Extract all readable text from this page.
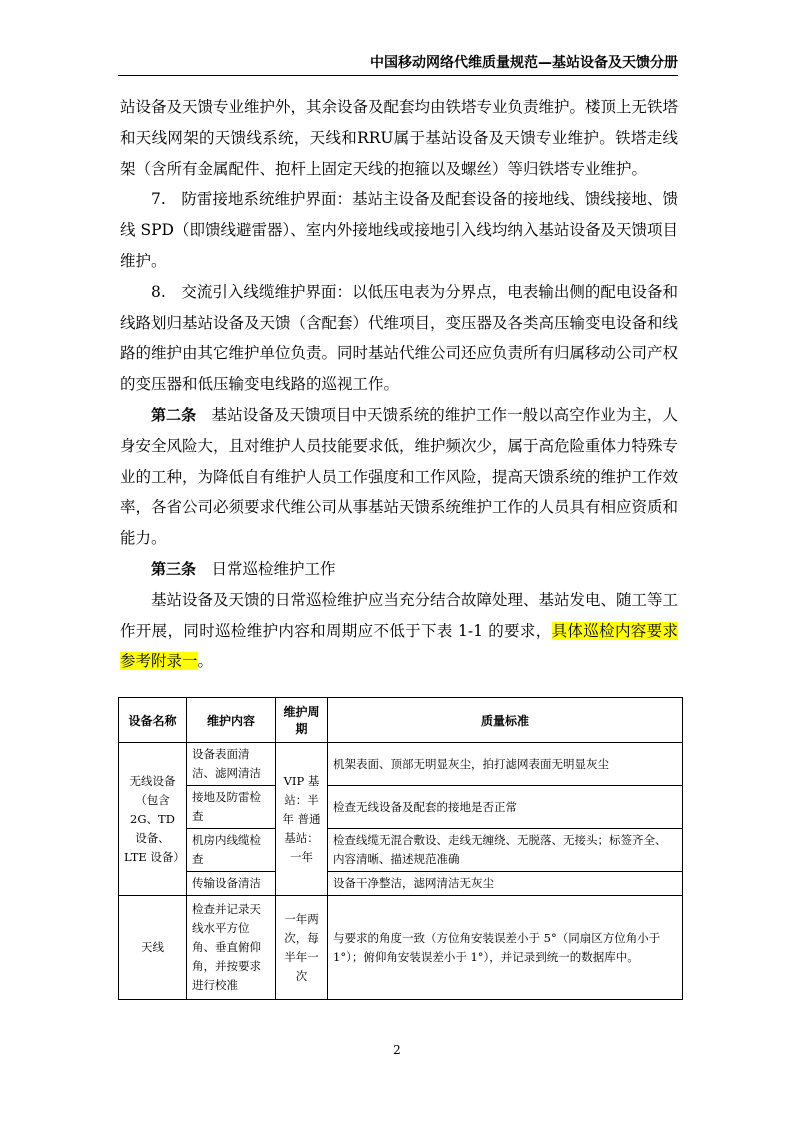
中国移动网络代维质量规范—基站设备及天馈分册

站设备及天馈专业维护外，其余设备及配套均由铁塔专业负责维护。楼顶上无铁塔和天线网架的天馈线系统，天线和RRU属于基站设备及天馈专业维护。铁塔走线架（含所有金属配件、抱杆上固定天线的抱箍以及螺丝）等归铁塔专业维护。

7.　防雷接地系统维护界面：基站主设备及配套设备的接地线、馈线接地、馈线 SPD（即馈线避雷器）、室内外接地线或接地引入线均纳入基站设备及天馈项目维护。

8.　交流引入线缆维护界面：以低压电表为分界点，电表输出侧的配电设备和线路划归基站设备及天馈（含配套）代维项目，变压器及各类高压输变电设备和线路的维护由其它维护单位负责。同时基站代维公司还应负责所有归属移动公司产权的变压器和低压输变电线路的巡视工作。

第二条　基站设备及天馈项目中天馈系统的维护工作一般以高空作业为主，人身安全风险大，且对维护人员技能要求低，维护频次少，属于高危险重体力特殊专业的工种，为降低自有维护人员工作强度和工作风险，提高天馈系统的维护工作效率，各省公司必须要求代维公司从事基站天馈系统维护工作的人员具有相应资质和能力。

第三条　日常巡检维护工作

基站设备及天馈的日常巡检维护应当充分结合故障处理、基站发电、随工等工作开展，同时巡检维护内容和周期应不低于下表 1-1 的要求，具体巡检内容要求参考附录一。

设备名称	维护内容	维护周期	质量标准
无线设备（包含 2G、TD 设备、LTE 设备）	设备表面清洁、滤网清洁	VIP 基站：半年 普通基站：一年	机架表面、顶部无明显灰尘，拍打滤网表面无明显灰尘
	接地及防雷检查		检查无线设备及配套的接地是否正常
	机房内线缆检查		检查线缆无混合敷设、走线无缠绕、无脱落、无接头；标签齐全、内容清晰、描述规范准确
	传输设备清洁		设备干净整洁，滤网清洁无灰尘
天线	检查并记录天线水平方位角、垂直俯仰角，并按要求进行校准	一年两次，每半年一次	与要求的角度一致（方位角安装误差小于 5°（同扇区方位角小于 1°）；俯仰角安装误差小于 1°），并记录到统一的数据库中。
2
